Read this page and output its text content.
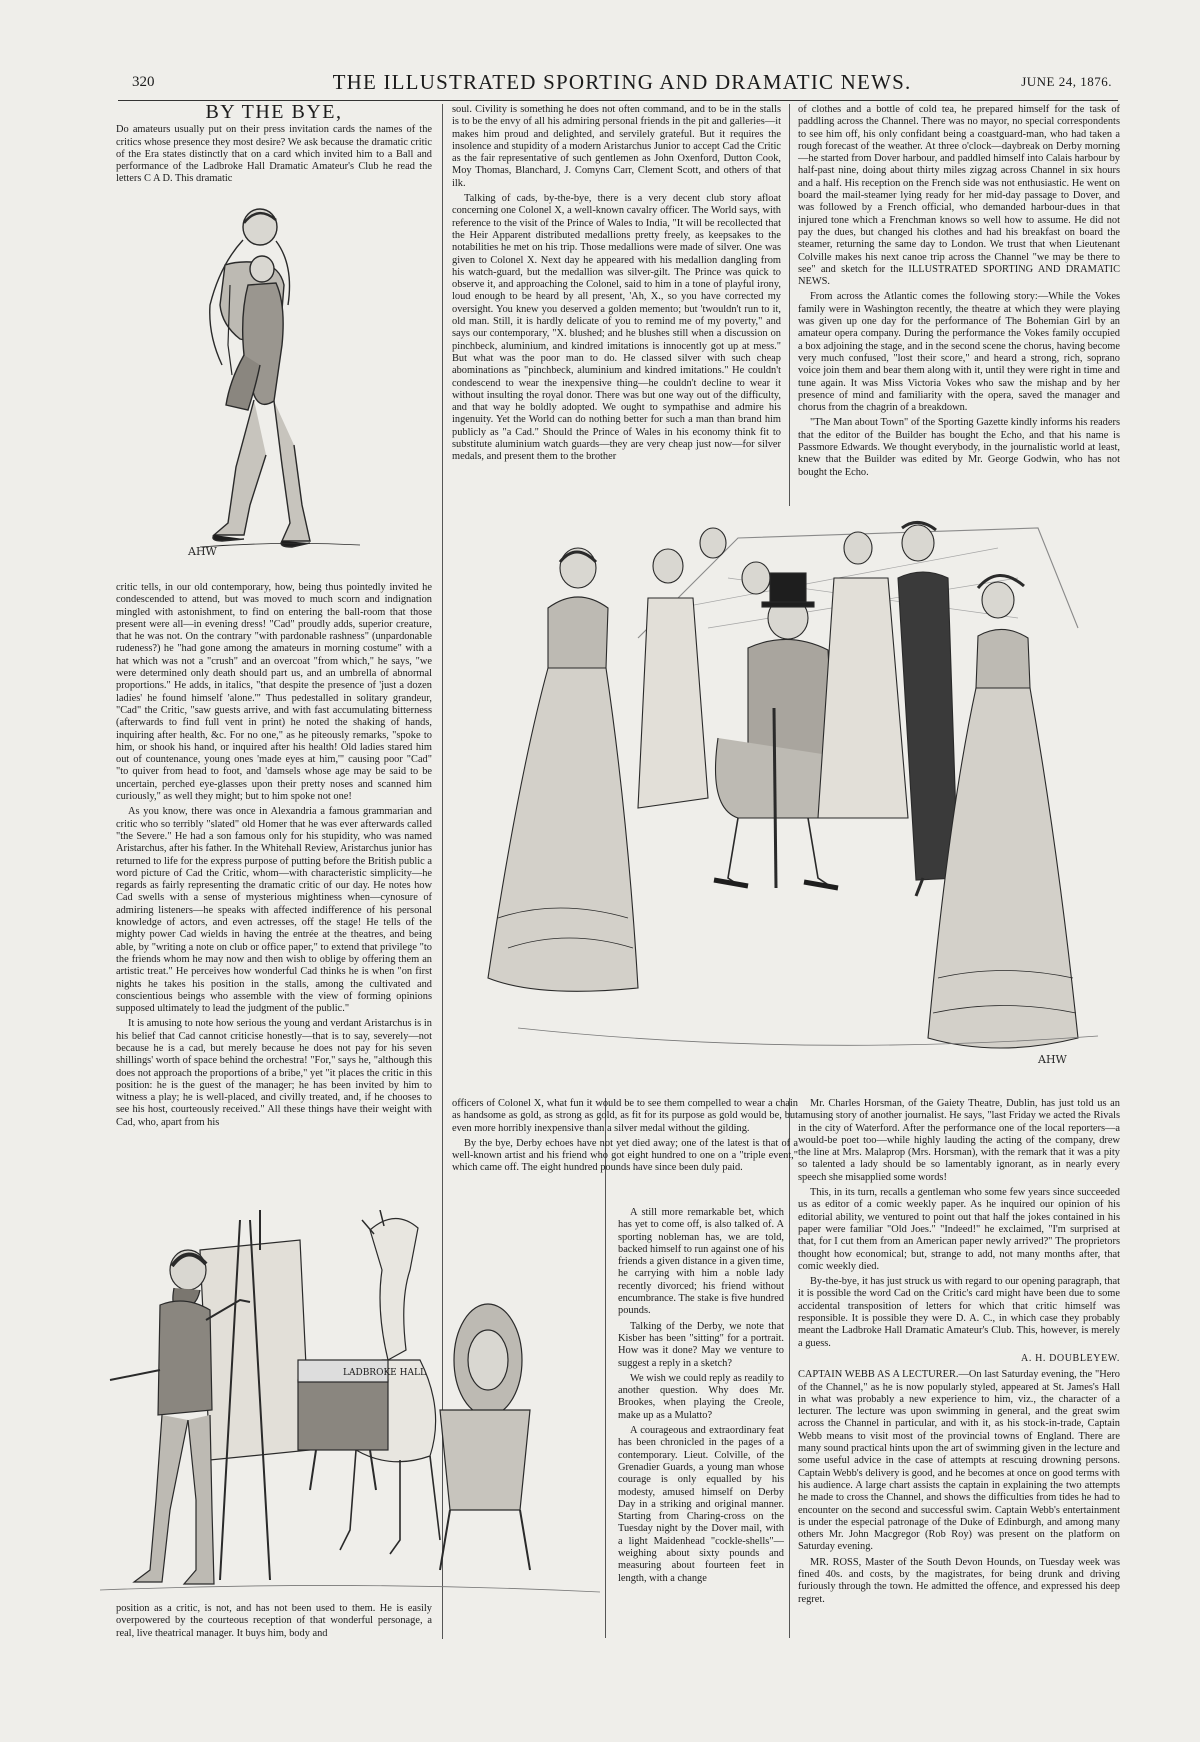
320	THE ILLUSTRATED SPORTING AND DRAMATIC NEWS.	JUNE 24, 1876.
BY THE BYE,

Do amateurs usually put on their press invitation cards the names of the critics whose presence they most desire? We ask because the dramatic critic of the Era states distinctly that on a card which invited him to a Ball and performance of the Ladbroke Hall Dramatic Amateur's Club he read the letters C A D. This dramatic

AHW

critic tells, in our old contemporary, how, being thus pointedly invited he condescended to attend, but was moved to much scorn and indignation mingled with astonishment, to find on entering the ball-room that those present were all—in evening dress! "Cad" proudly adds, superior creature, that he was not. On the contrary "with pardonable rashness" (unpardonable rudeness?) he "had gone among the amateurs in morning costume" with a hat which was not a "crush" and an overcoat "from which," he says, "we were determined only death should part us, and an umbrella of abnormal proportions." He adds, in italics, "that despite the presence of 'just a dozen ladies' he found himself 'alone.'" Thus pedestalled in solitary grandeur, "Cad" the Critic, "saw guests arrive, and with fast accumulating bitterness (afterwards to find full vent in print) he noted the shaking of hands, inquiring after health, &c. For no one," as he piteously remarks, "spoke to him, or shook his hand, or inquired after his health! Old ladies stared him out of countenance, young ones 'made eyes at him,'" causing poor "Cad" "to quiver from head to foot, and 'damsels whose age may be said to be uncertain, perched eye-glasses upon their pretty noses and scanned him curiously," as well they might; but to him spoke not one!

As you know, there was once in Alexandria a famous grammarian and critic who so terribly "slated" old Homer that he was ever afterwards called "the Severe." He had a son famous only for his stupidity, who was named Aristarchus, after his father. In the Whitehall Review, Aristarchus junior has returned to life for the express purpose of putting before the British public a word picture of Cad the Critic, whom—with characteristic simplicity—he regards as fairly representing the dramatic critic of our day. He notes how Cad swells with a sense of mysterious mightiness when—cynosure of admiring listeners—he speaks with affected indifference of his personal knowledge of actors, and even actresses, off the stage! He tells of the mighty power Cad wields in having the entrée at the theatres, and being able, by "writing a note on club or office paper," to extend that privilege "to the friends whom he may now and then wish to oblige by offering them an artistic treat." He perceives how wonderful Cad thinks he is when "on first nights he takes his position in the stalls, among the cultivated and conscientious beings who assemble with the view of forming opinions supposed ultimately to lead the judgment of the public."

It is amusing to note how serious the young and verdant Aristarchus is in his belief that Cad cannot criticise honestly—that is to say, severely—not because he is a cad, but merely because he does not pay for his seven shillings' worth of space behind the orchestra! "For," says he, "although this does not approach the proportions of a bribe," yet "it places the critic in this position: he is the guest of the manager; he has been invited by him to witness a play; he is well-placed, and civilly treated, and, if he chooses to see his host, courteously received." All these things have their weight with Cad, who, apart from his

soul. Civility is something he does not often command, and to be in the stalls is to be the envy of all his admiring personal friends in the pit and galleries—it makes him proud and delighted, and servilely grateful. But it requires the insolence and stupidity of a modern Aristarchus Junior to accept Cad the Critic as the fair representative of such gentlemen as John Oxenford, Dutton Cook, Moy Thomas, Blanchard, J. Comyns Carr, Clement Scott, and others of that ilk.

Talking of cads, by-the-bye, there is a very decent club story afloat concerning one Colonel X, a well-known cavalry officer. The World says, with reference to the visit of the Prince of Wales to India, "It will be recollected that the Heir Apparent distributed medallions pretty freely, as keepsakes to the notabilities he met on his trip. Those medallions were made of silver. One was given to Colonel X. Next day he appeared with his medallion dangling from his watch-guard, but the medallion was silver-gilt. The Prince was quick to observe it, and approaching the Colonel, said to him in a tone of playful irony, loud enough to be heard by all present, 'Ah, X., so you have corrected my oversight. You knew you deserved a golden memento; but 'twouldn't run to it, old man. Still, it is hardly delicate of you to remind me of my poverty," and says our contemporary, "X. blushed; and he blushes still when a discussion on pinchbeck, aluminium, and kindred imitations is innocently got up at mess." But what was the poor man to do. He classed silver with such cheap abominations as "pinchbeck, aluminium and kindred imitations." He couldn't condescend to wear the inexpensive thing—he couldn't decline to wear it without insulting the royal donor. There was but one way out of the difficulty, and that way he boldly adopted. We ought to sympathise and admire his ingenuity. Yet the World can do nothing better for such a man than brand him publicly as "a Cad." Should the Prince of Wales in his economy think fit to substitute aluminium watch guards—they are very cheap just now—for silver medals, and present them to the brother

of clothes and a bottle of cold tea, he prepared himself for the task of paddling across the Channel. There was no mayor, no special correspondents to see him off, his only confidant being a coastguard-man, who had taken a rough forecast of the weather. At three o'clock—daybreak on Derby morning—he started from Dover harbour, and paddled himself into Calais harbour by half-past nine, doing about thirty miles zigzag across Channel in six hours and a half. His reception on the French side was not enthusiastic. He went on board the mail-steamer lying ready for her mid-day passage to Dover, and was followed by a French official, who demanded harbour-dues in that injured tone which a Frenchman knows so well how to assume. He did not pay the dues, but changed his clothes and had his breakfast on board the steamer, returning the same day to London. We trust that when Lieutenant Colville makes his next canoe trip across the Channel "we may be there to see" and sketch for the ILLUSTRATED SPORTING AND DRAMATIC NEWS.

From across the Atlantic comes the following story:—While the Vokes family were in Washington recently, the theatre at which they were playing was given up one day for the performance of The Bohemian Girl by an amateur opera company. During the performance the Vokes family occupied a box adjoining the stage, and in the second scene the chorus, having become very much confused, "lost their score," and heard a strong, rich, soprano voice join them and bear them along with it, until they were right in time and tune again. It was Miss Victoria Vokes who saw the mishap and by her presence of mind and familiarity with the opera, saved the manager and chorus from the chagrin of a breakdown.

"The Man about Town" of the Sporting Gazette kindly informs his readers that the editor of the Builder has bought the Echo, and that his name is Passmore Edwards. We thought everybody, in the journalistic world at least, knew that the Builder was edited by Mr. George Godwin, who has not bought the Echo.

AHW

officers of Colonel X, what fun it would be to see them compelled to wear a chain as handsome as gold, as strong as gold, as fit for its purpose as gold would be, but even more horribly inexpensive than a silver medal without the gilding.

By the bye, Derby echoes have not yet died away; one of the latest is that of a well-known artist and his friend who got eight hundred to one on a "triple event," which came off. The eight hundred pounds have since been duly paid.

A still more remarkable bet, which has yet to come off, is also talked of. A sporting nobleman has, we are told, backed himself to run against one of his friends a given distance in a given time, he carrying with him a noble lady recently divorced; his friend without encumbrance. The stake is five hundred pounds.

Talking of the Derby, we note that Kisber has been "sitting" for a portrait. How was it done? May we venture to suggest a reply in a sketch?

We wish we could reply as readily to another question. Why does Mr. Brookes, when playing the Creole, make up as a Mulatto?

A courageous and extraordinary feat has been chronicled in the pages of a contemporary. Lieut. Colville, of the Grenadier Guards, a young man whose courage is only equalled by his modesty, amused himself on Derby Day in a striking and original manner. Starting from Charing-cross on the Tuesday night by the Dover mail, with a light Maidenhead "cockle-shells"—weighing about sixty pounds and measuring about fourteen feet in length, with a change

LADBROKE HALL

Mr. Charles Horsman, of the Gaiety Theatre, Dublin, has just told us an amusing story of another journalist. He says, "last Friday we acted the Rivals in the city of Waterford. After the performance one of the local reporters—a would-be poet too—while highly lauding the acting of the company, drew the line at Mrs. Malaprop (Mrs. Horsman), with the remark that it was a pity so talented a lady should be so lamentably ignorant, as in nearly every speech she misapplied some words!

This, in its turn, recalls a gentleman who some few years since succeeded us as editor of a comic weekly paper. As he inquired our opinion of his editorial ability, we ventured to point out that half the jokes contained in his paper were familiar "Old Joes." "Indeed!" he exclaimed, "I'm surprised at that, for I cut them from an American paper newly arrived?" The proprietors thought how economical; but, strange to add, not many months after, that comic weekly died.

By-the-bye, it has just struck us with regard to our opening paragraph, that it is possible the word Cad on the Critic's card might have been due to some accidental transposition of letters for which that critic himself was responsible. It is possible they were D. A. C., in which case they probably meant the Ladbroke Hall Dramatic Amateur's Club. This, however, is merely a guess.

A. H. DOUBLEYEW.

CAPTAIN WEBB AS A LECTURER.—On last Saturday evening, the "Hero of the Channel," as he is now popularly styled, appeared at St. James's Hall in what was probably a new experience to him, viz., the character of a lecturer. The lecture was upon swimming in general, and the great swim across the Channel in particular, and with it, as his stock-in-trade, Captain Webb means to visit most of the provincial towns of England. There are many sound practical hints upon the art of swimming given in the lecture and some useful advice in the case of attempts at rescuing drowning persons. Captain Webb's delivery is good, and he becomes at once on good terms with his audience. A large chart assists the captain in explaining the two attempts he made to cross the Channel, and shows the difficulties from tides he had to encounter on the second and successful swim. Captain Webb's entertainment is under the especial patronage of the Duke of Edinburgh, and among many others Mr. John Macgregor (Rob Roy) was present on the platform on Saturday evening.

MR. ROSS, Master of the South Devon Hounds, on Tuesday week was fined 40s. and costs, by the magistrates, for being drunk and driving furiously through the town. He admitted the offence, and expressed his deep regret.

position as a critic, is not, and has not been used to them. He is easily overpowered by the courteous reception of that wonderful personage, a real, live theatrical manager. It buys him, body and
